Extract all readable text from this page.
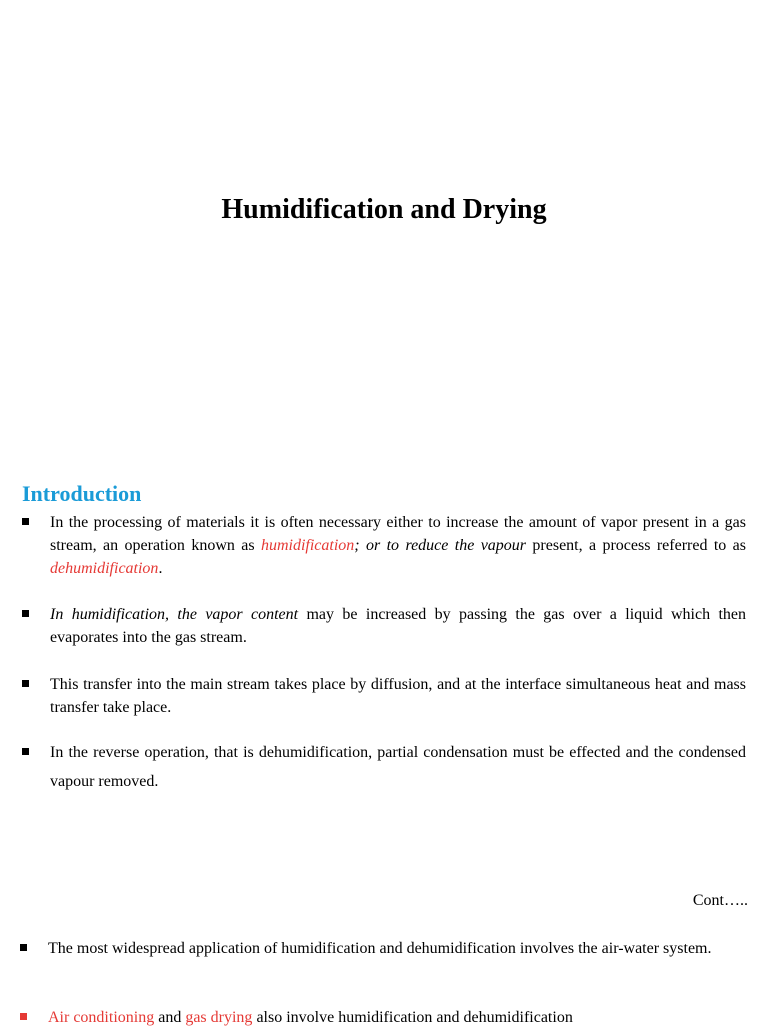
Humidification and Drying
Introduction
In the processing of materials it is often necessary either to increase the amount of vapor present in a gas stream, an operation known as humidification; or to reduce the vapour present, a process referred to as dehumidification.
In humidification, the vapor content may be increased by passing the gas over a liquid which then evaporates into the gas stream.
This transfer into the main stream takes place by diffusion, and at the interface simultaneous heat and mass transfer take place.
In the reverse operation, that is dehumidification, partial condensation must be effected and the condensed vapour removed.
Cont…..
The most widespread application of humidification and dehumidification involves the air-water system.
Air conditioning and gas drying also involve humidification and dehumidification
